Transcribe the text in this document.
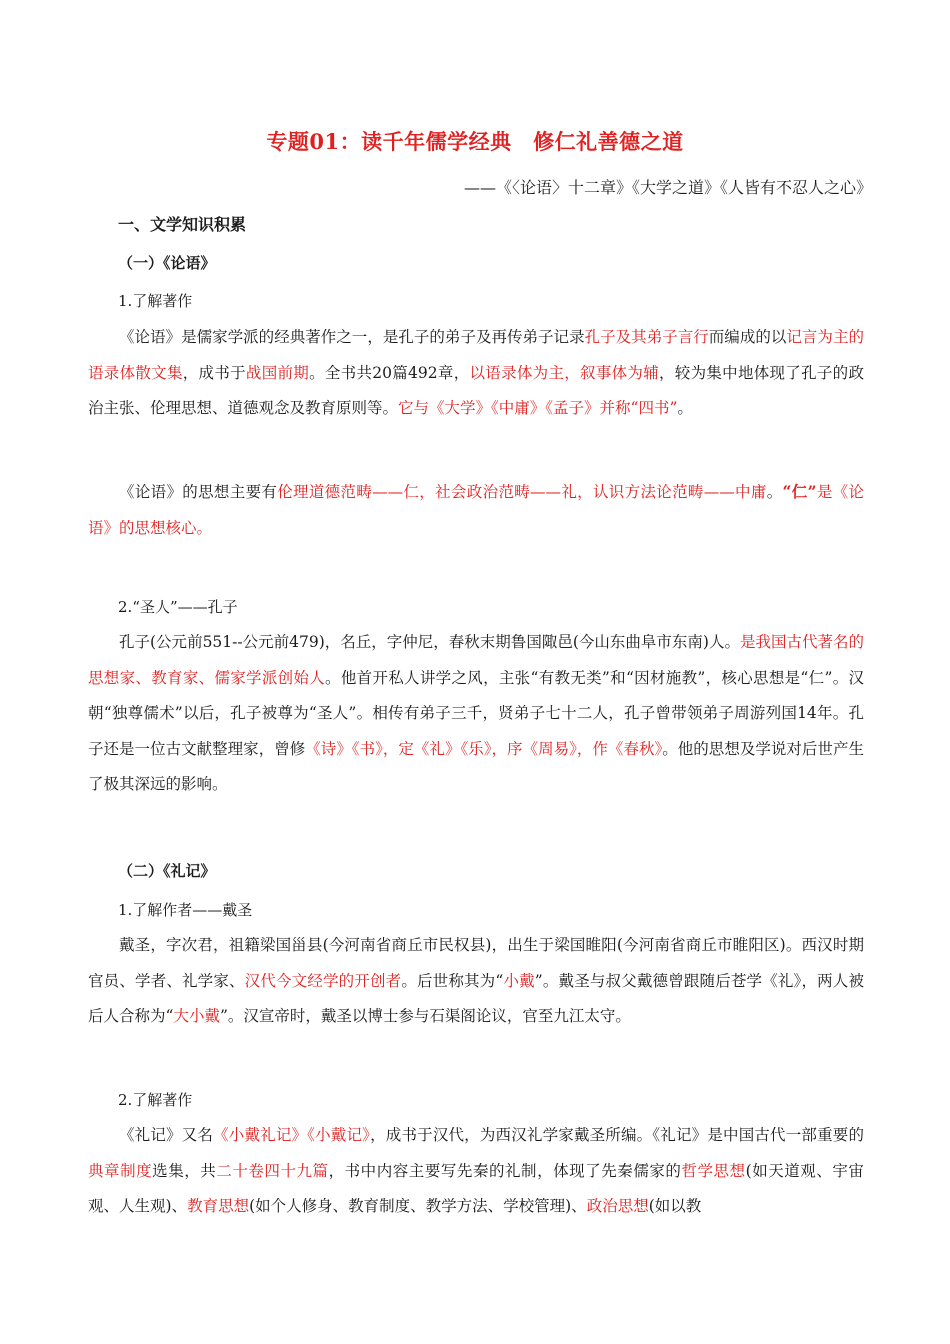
专题01：读千年儒学经典　修仁礼善德之道
——《〈论语〉十二章》《大学之道》《人皆有不忍人之心》
一、文学知识积累
（一）《论语》
1.了解著作
《论语》是儒家学派的经典著作之一，是孔子的弟子及再传弟子记录孔子及其弟子言行而编成的以记言为主的语录体散文集，成书于战国前期。全书共20篇492章，以语录体为主，叙事体为辅，较为集中地体现了孔子的政治主张、伦理思想、道德观念及教育原则等。它与《大学》《中庸》《孟子》并称“四书”。
《论语》的思想主要有伦理道德范畴——仁，社会政治范畴——礼，认识方法论范畴——中庸。“仁”是《论语》的思想核心。
2.“圣人”——孔子
孔子(公元前551--公元前479)，名丘，字仲尼，春秋末期鲁国陬邑(今山东曲阜市东南)人。是我国古代著名的思想家、教育家、儒家学派创始人。他首开私人讲学之风，主张“有教无类”和“因材施教”，核心思想是“仁”。汉朝“独尊儒术”以后，孔子被尊为“圣人”。相传有弟子三千，贤弟子七十二人，孔子曾带领弟子周游列国14年。孔子还是一位古文献整理家，曾修《诗》《书》，定《礼》《乐》，序《周易》，作《春秋》。他的思想及学说对后世产生了极其深远的影响。
（二）《礼记》
1.了解作者——戴圣
戴圣，字次君，祖籍梁国甾县(今河南省商丘市民权县)，出生于梁国睢阳(今河南省商丘市睢阳区)。西汉时期官员、学者、礼学家、汉代今文经学的开创者。后世称其为“小戴”。戴圣与叔父戴德曾跟随后苍学《礼》，两人被后人合称为“大小戴”。汉宣帝时，戴圣以博士参与石渠阁论议，官至九江太守。
2.了解著作
《礼记》又名《小戴礼记》《小戴记》，成书于汉代，为西汉礼学家戴圣所编。《礼记》是中国古代一部重要的典章制度选集，共二十卷四十九篇，书中内容主要写先秦的礼制，体现了先秦儒家的哲学思想(如天道观、宇宙观、人生观)、教育思想(如个人修身、教育制度、教学方法、学校管理)、政治思想(如以教
